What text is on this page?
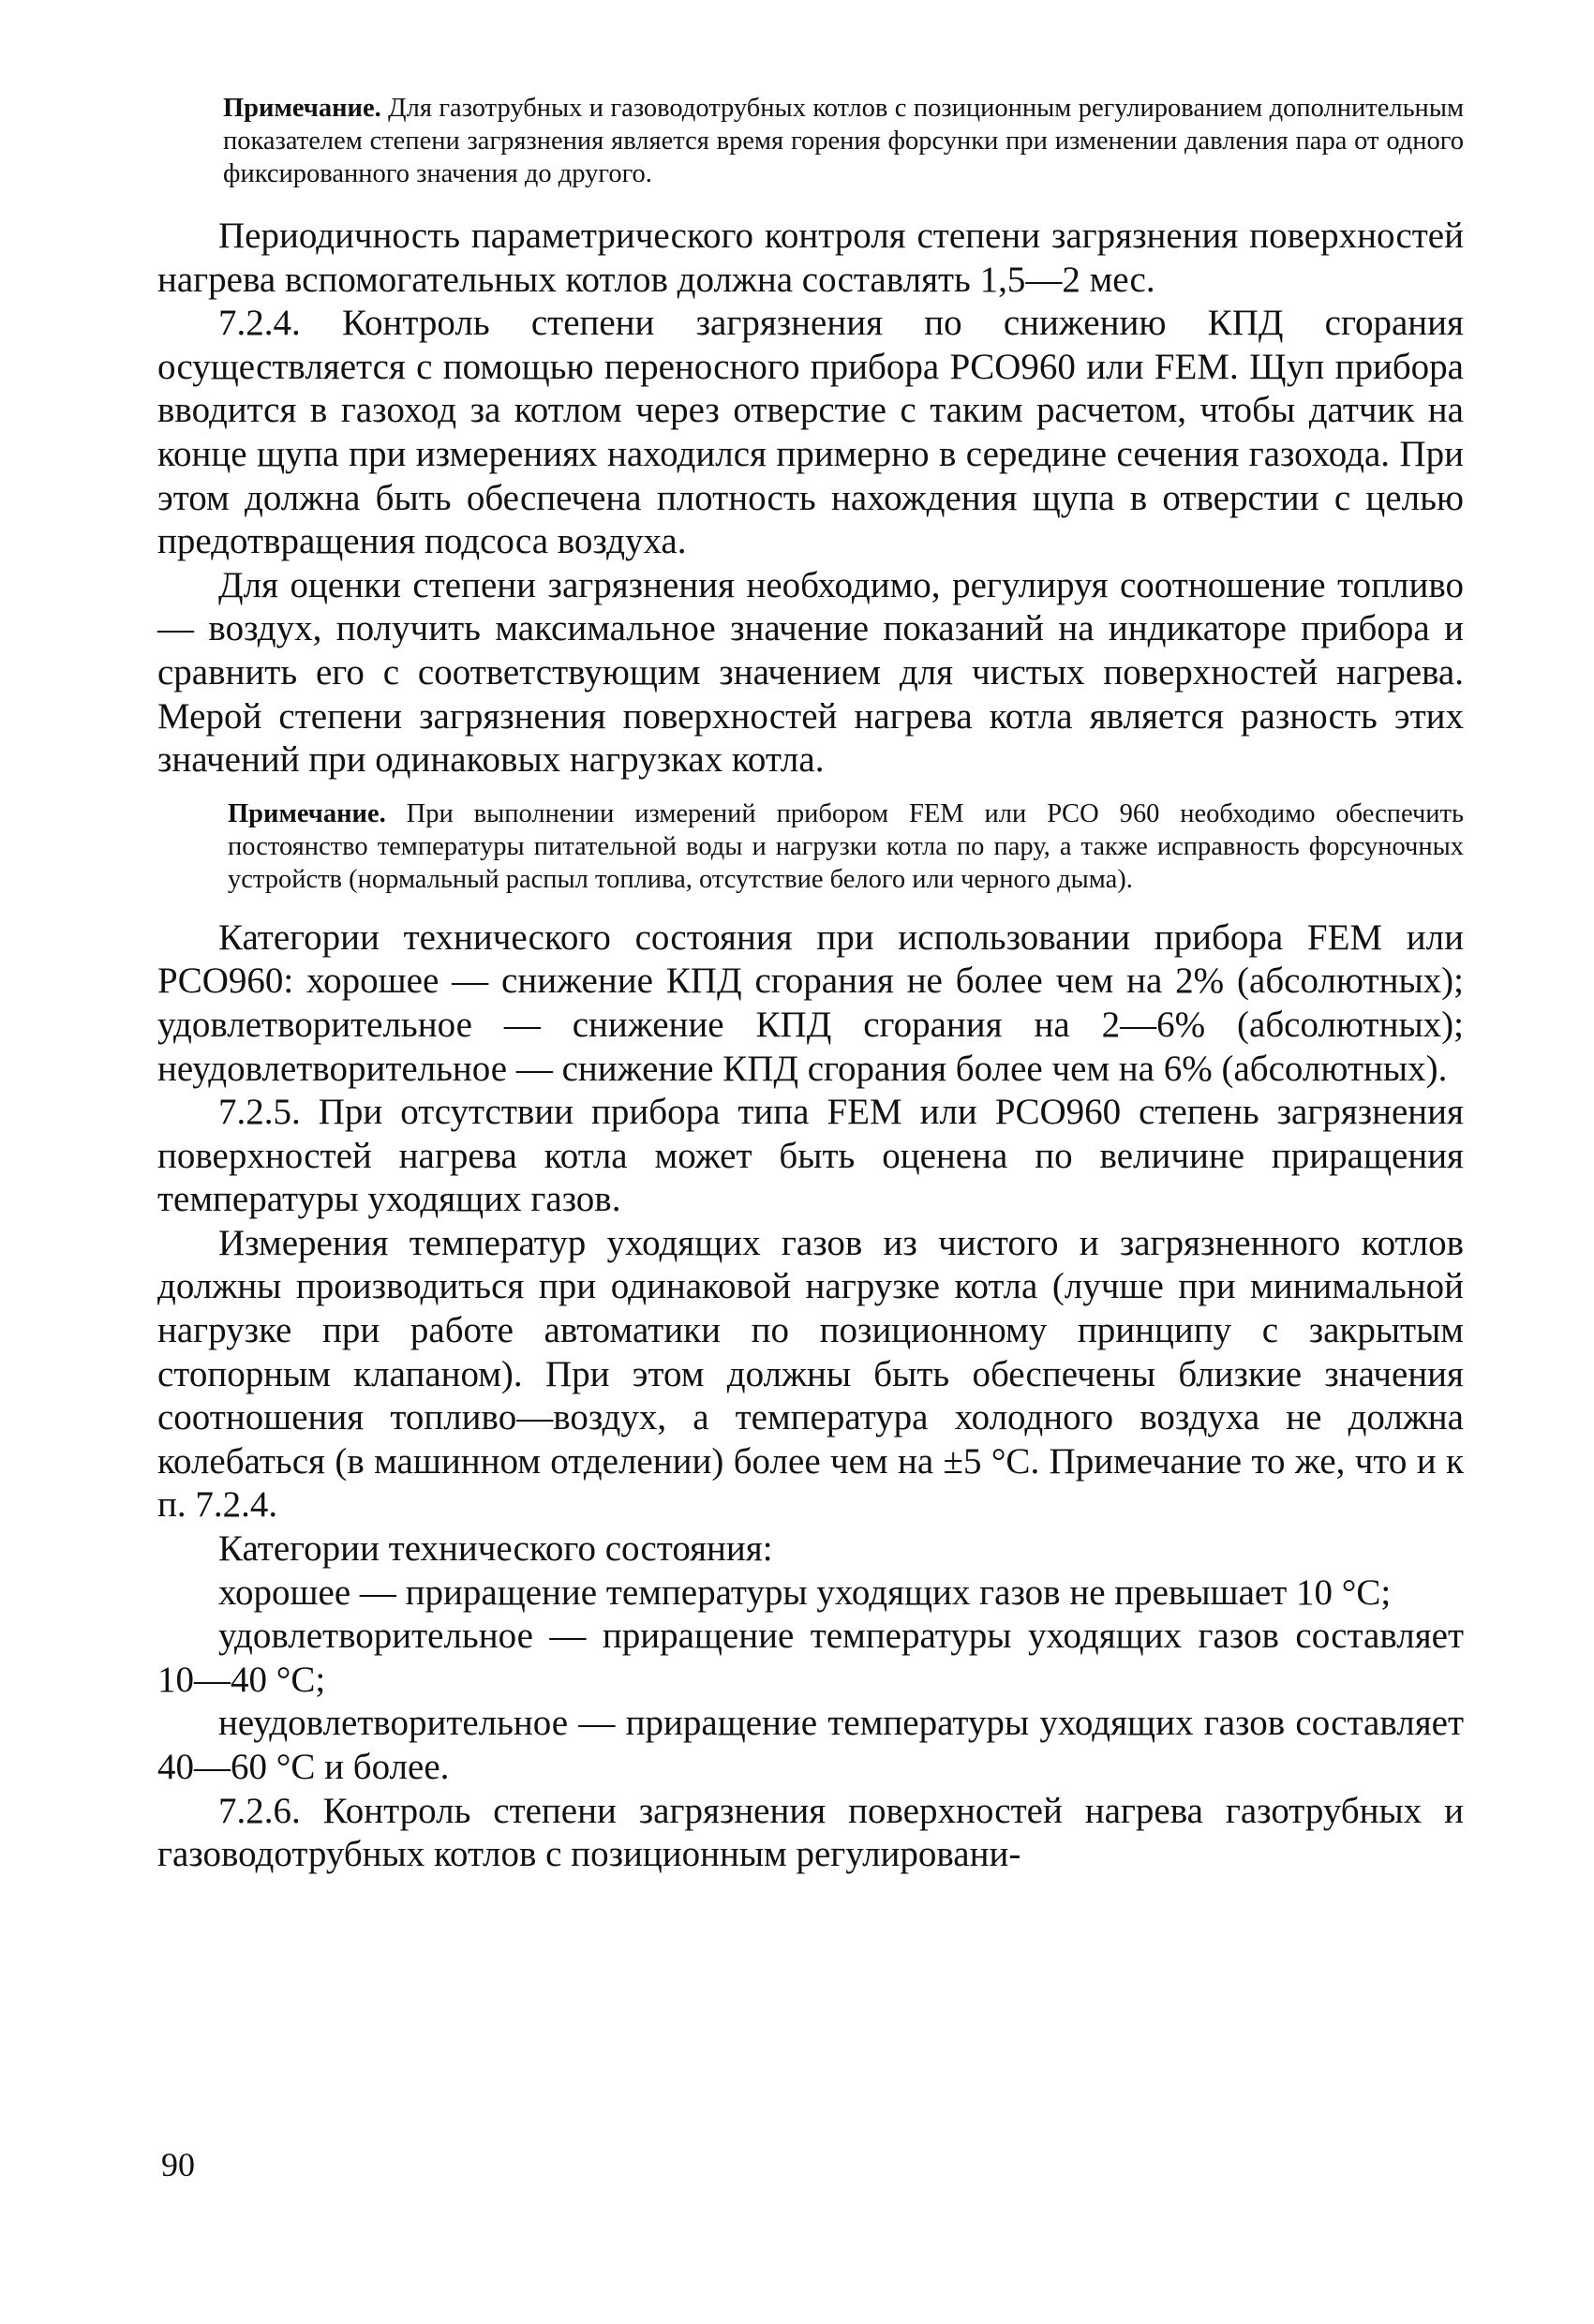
Примечание. Для газотрубных и газоводотрубных котлов с позиционным регулированием дополнительным показателем степени загрязнения является время горения форсунки при изменении давления пара от одного фиксированного значения до другого.

Периодичность параметрического контроля степени загрязнения поверхностей нагрева вспомогательных котлов должна составлять 1,5—2 мес.

7.2.4. Контроль степени загрязнения по снижению КПД сгорания осуществляется с помощью переносного прибора PCO960 или FEM. Щуп прибора вводится в газоход за котлом через отверстие с таким расчетом, чтобы датчик на конце щупа при измерениях находился примерно в середине сечения газохода. При этом должна быть обеспечена плотность нахождения щупа в отверстии с целью предотвращения подсоса воздуха.

Для оценки степени загрязнения необходимо, регулируя соотношение топливо — воздух, получить максимальное значение показаний на индикаторе прибора и сравнить его с соответствующим значением для чистых поверхностей нагрева. Мерой степени загрязнения поверхностей нагрева котла является разность этих значений при одинаковых нагрузках котла.

Примечание. При выполнении измерений прибором FEM или PCO 960 необходимо обеспечить постоянство температуры питательной воды и нагрузки котла по пару, а также исправность форсуночных устройств (нормальный распыл топлива, отсутствие белого или черного дыма).

Категории технического состояния при использовании прибора FEM или PCO960: хорошее — снижение КПД сгорания не более чем на 2% (абсолютных); удовлетворительное — снижение КПД сгорания на 2—6% (абсолютных); неудовлетворительное — снижение КПД сгорания более чем на 6% (абсолютных).

7.2.5. При отсутствии прибора типа FEM или PCO960 степень загрязнения поверхностей нагрева котла может быть оценена по величине приращения температуры уходящих газов.

Измерения температур уходящих газов из чистого и загрязненного котлов должны производиться при одинаковой нагрузке котла (лучше при минимальной нагрузке при работе автоматики по позиционному принципу с закрытым стопорным клапаном). При этом должны быть обеспечены близкие значения соотношения топливо—воздух, а температура холодного воздуха не должна колебаться (в машинном отделении) более чем на ±5 °С. Примечание то же, что и к п. 7.2.4.

Категории технического состояния:

хорошее — приращение температуры уходящих газов не превышает 10 °С;

удовлетворительное — приращение температуры уходящих газов составляет 10—40 °С;

неудовлетворительное — приращение температуры уходящих газов составляет 40—60 °С и более.

7.2.6. Контроль степени загрязнения поверхностей нагрева газотрубных и газоводотрубных котлов с позиционным регулировани-

90
